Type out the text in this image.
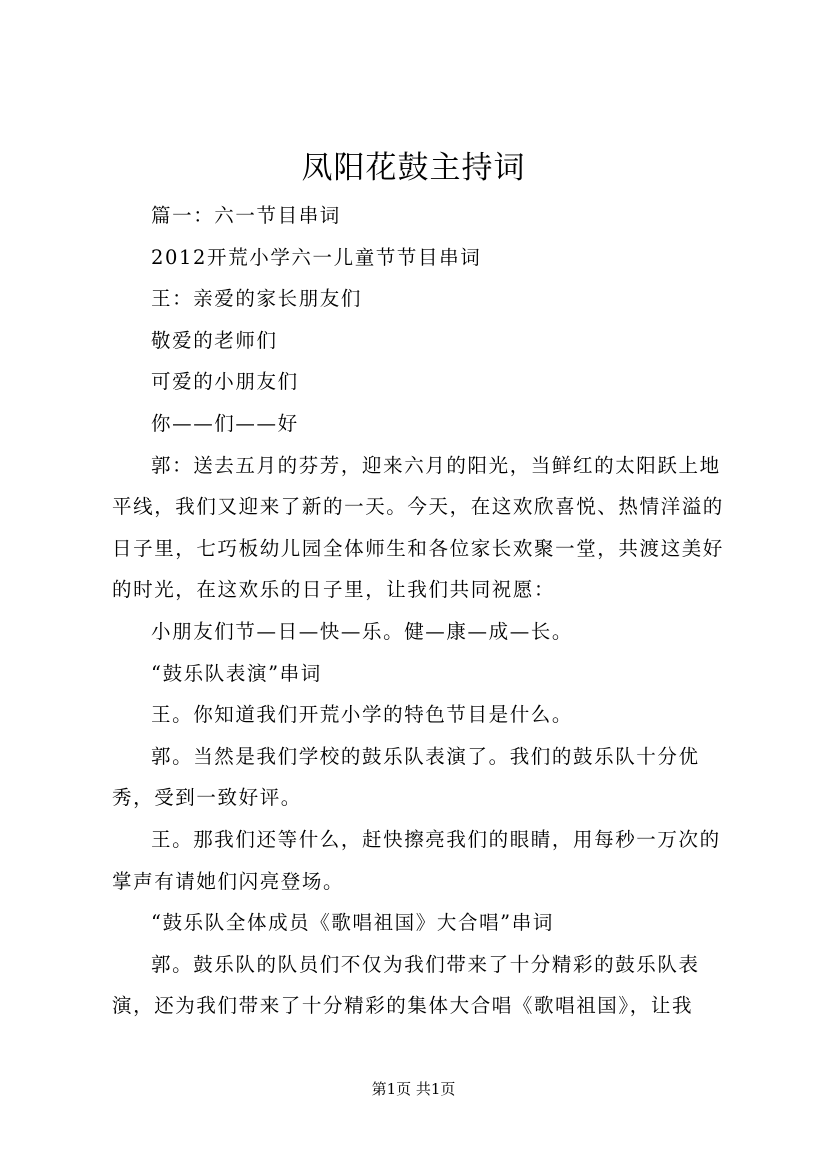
凤阳花鼓主持词

篇一：六一节目串词

2012开荒小学六一儿童节节目串词

王：亲爱的家长朋友们

敬爱的老师们

可爱的小朋友们

你——们——好

郭：送去五月的芬芳，迎来六月的阳光，当鲜红的太阳跃上地平线，我们又迎来了新的一天。今天，在这欢欣喜悦、热情洋溢的日子里，七巧板幼儿园全体师生和各位家长欢聚一堂，共渡这美好的时光，在这欢乐的日子里，让我们共同祝愿：

小朋友们节—日—快—乐。健—康—成—长。

“鼓乐队表演”串词

王。你知道我们开荒小学的特色节目是什么。

郭。当然是我们学校的鼓乐队表演了。我们的鼓乐队十分优秀，受到一致好评。

王。那我们还等什么，赶快擦亮我们的眼睛，用每秒一万次的掌声有请她们闪亮登场。

“鼓乐队全体成员《歌唱祖国》大合唱”串词

郭。鼓乐队的队员们不仅为我们带来了十分精彩的鼓乐队表演，还为我们带来了十分精彩的集体大合唱《歌唱祖国》，让我

第1页 共1页
